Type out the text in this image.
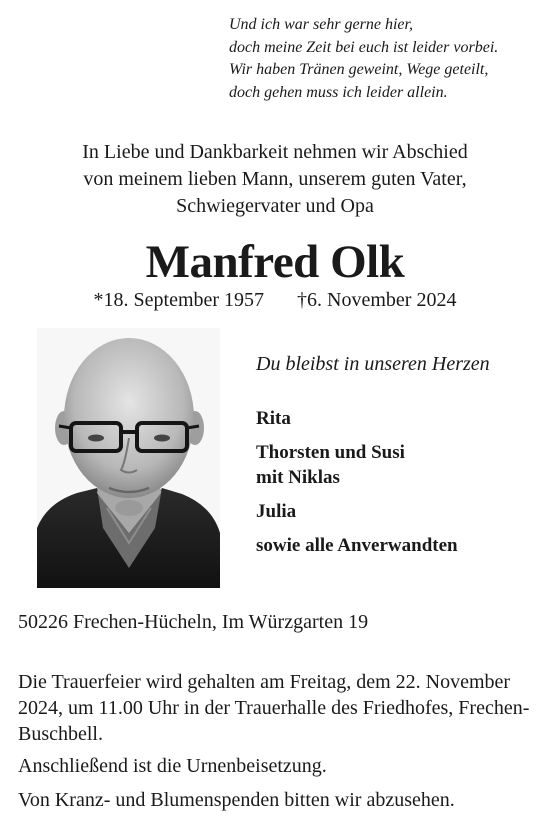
Und ich war sehr gerne hier,
doch meine Zeit bei euch ist leider vorbei.
Wir haben Tränen geweint, Wege geteilt,
doch gehen muss ich leider allein.
In Liebe und Dankbarkeit nehmen wir Abschied
von meinem lieben Mann, unserem guten Vater,
Schwiegervater und Opa
Manfred Olk
*18. September 1957 †6. November 2024
Du bleibst in unseren Herzen
Rita
Thorsten und Susi
mit Niklas
Julia
sowie alle Anverwandten
50226 Frechen-Hücheln, Im Würzgarten 19

Die Trauerfeier wird gehalten am Freitag, dem 22. November 2024, um 11.00 Uhr in der Trauerhalle des Friedhofes, Frechen-Buschbell.

Anschließend ist die Urnenbeisetzung.

Von Kranz- und Blumenspenden bitten wir abzusehen.
